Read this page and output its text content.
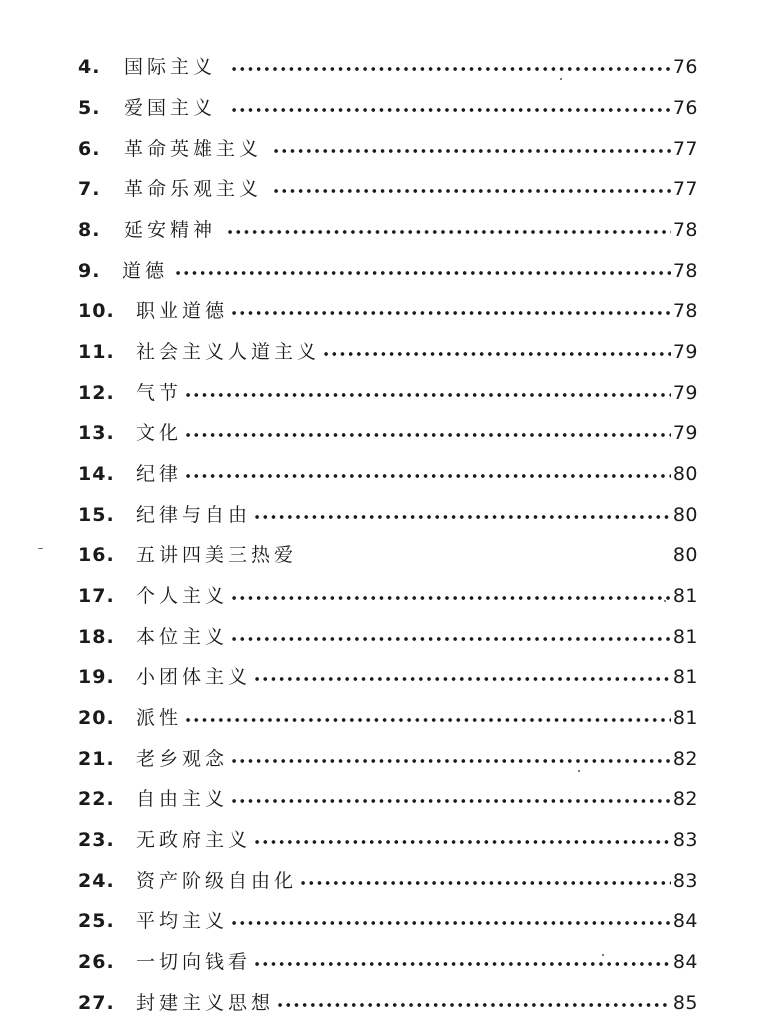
4.	国际主义	76
5.	爱国主义	76
6.	革命英雄主义	77
7.	革命乐观主义	77
8.	延安精神	78
9.	道德	78
10.	职业道德	78
11.	社会主义人道主义	79
12.	气节	79
13.	文化	79
14.	纪律	80
15.	纪律与自由	80
16.	五讲四美三热爱	80
17.	个人主义	81
18.	本位主义	81
19.	小团体主义	81
20.	派性	81
21.	老乡观念	82
22.	自由主义	82
23.	无政府主义	83
24.	资产阶级自由化	83
25.	平均主义	84
26.	一切向钱看	84
27.	封建主义思想	85
